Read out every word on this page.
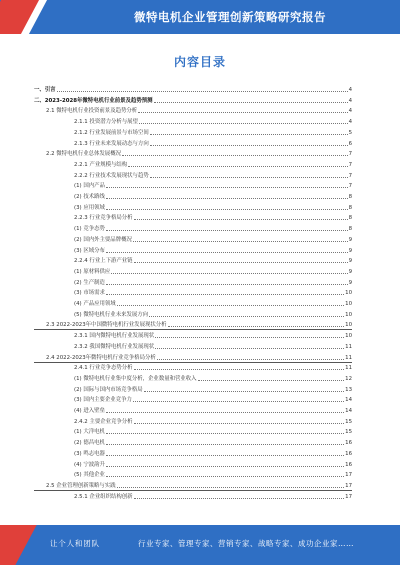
微特电机企业管理创新策略研究报告
内容目录
一、引言	4
二、2023-2028年微特电机行业前景及趋势预测	4
2.1 微特电机行业投资前景及趋势分析	4
2.1.1 投资潜力分析与展望	4
2.1.2 行业发展前景与市场空间	5
2.1.3 行业未来发展动态与方向	6
2.2 微特电机行业总体发展概况	7
2.2.1 产业规模与结构	7
2.2.2 行业技术发展现状与趋势	7
(1) 国内产品	7
(2) 技术路线	8
(3) 应用领域	8
2.2.3 行业竞争格局分析	8
(1) 竞争态势	8
(2) 国内外主要品牌概况	9
(3) 区域分布	9
2.2.4 行业上下游产业链	9
(1) 原材料供应	9
(2) 生产制造	9
(3) 市场需求	10
(4) 产品应用领域	10
(5) 微特电机行业未来发展方向	10
2.3 2022-2023年中国微特电机行业发展现状分析	10
2.3.1 国内微特电机行业发展现状	10
2.3.2 我国微特电机行业发展现状	11
2.4 2022-2023年微特电机行业竞争格局分析	11
2.4.1 行业竞争态势分析	11
(1) 微特电机行业集中度分析，企业数量和营业收入	12
(2) 国际与国内市场竞争格局	13
(3) 国内主要企业竞争力	14
(4) 进入壁垒	14
2.4.2 主要企业竞争分析	15
(1) 大洋电机	15
(2) 德昌电机	16
(3) 鸣志电器	16
(4) 宁波韵升	16
(5) 其他企业	17
2.5 企业管理创新策略与实践	17
2.5.1 企业组织结构创新	17
让个人和团队	行业专家、管理专家、营销专家、战略专家、成功企业家……
